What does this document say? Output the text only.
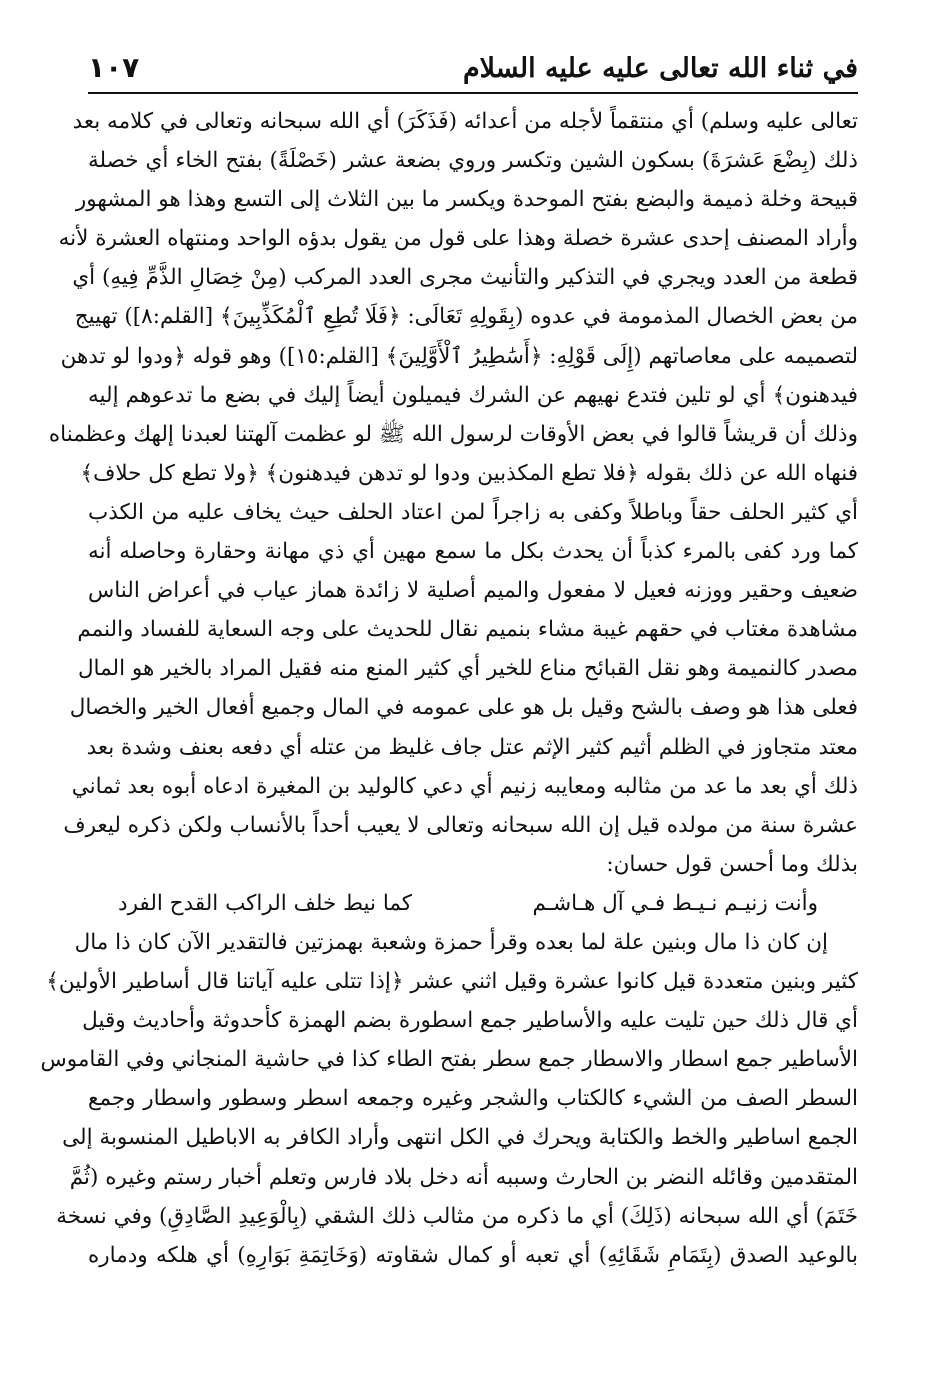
في ثناء الله تعالى عليه عليه السلام
١٠٧
تعالى عليه وسلم) أي منتقماً لأجله من أعدائه (فَذَكَرَ) أي الله سبحانه وتعالى في كلامه بعد
ذلك (بِضْعَ عَشرَةَ) بسكون الشين وتكسر وروي بضعة عشر (خَصْلَةً) بفتح الخاء أي خصلة
قبيحة وخلة ذميمة والبضع بفتح الموحدة ويكسر ما بين الثلاث إلى التسع وهذا هو المشهور
وأراد المصنف إحدى عشرة خصلة وهذا على قول من يقول بدؤه الواحد ومنتهاه العشرة لأنه
قطعة من العدد ويجري في التذكير والتأنيث مجرى العدد المركب (مِنْ خِصَالِ الذَّمِّ فِيهِ) أي
من بعض الخصال المذمومة في عدوه (بِقَولِهِ تَعَالَى: ﴿فَلَا تُطِعِ ٱلْمُكَذِّبِينَ﴾ [القلم:٨]) تهييج
لتصميمه على معاصاتهم (إِلَى قَوْلِهِ: ﴿أَسَٰطِيرُ ٱلْأَوَّلِينَ﴾ [القلم:١٥]) وهو قوله ﴿ودوا لو تدهن
فيدهنون﴾ أي لو تلين فتدع نهيهم عن الشرك فيميلون أيضاً إليك في بضع ما تدعوهم إليه
وذلك أن قريشاً قالوا في بعض الأوقات لرسول الله ﷺ لو عظمت آلهتنا لعبدنا إلهك وعظمناه
فنهاه الله عن ذلك بقوله ﴿فلا تطع المكذبين ودوا لو تدهن فيدهنون﴾ ﴿ولا تطع كل حلاف﴾
أي كثير الحلف حقاً وباطلاً وكفى به زاجراً لمن اعتاد الحلف حيث يخاف عليه من الكذب
كما ورد كفى بالمرء كذباً أن يحدث بكل ما سمع مهين أي ذي مهانة وحقارة وحاصله أنه
ضعيف وحقير ووزنه فعيل لا مفعول والميم أصلية لا زائدة هماز عياب في أعراض الناس
مشاهدة مغتاب في حقهم غيبة مشاء بنميم نقال للحديث على وجه السعاية للفساد والنمم
مصدر كالنميمة وهو نقل القبائح مناع للخير أي كثير المنع منه فقيل المراد بالخير هو المال
فعلى هذا هو وصف بالشح وقيل بل هو على عمومه في المال وجميع أفعال الخير والخصال
معتد متجاوز في الظلم أثيم كثير الإثم عتل جاف غليظ من عتله أي دفعه بعنف وشدة بعد
ذلك أي بعد ما عد من مثالبه ومعايبه زنيم أي دعي كالوليد بن المغيرة ادعاه أبوه بعد ثماني
عشرة سنة من مولده قيل إن الله سبحانه وتعالى لا يعيب أحداً بالأنساب ولكن ذكره ليعرف
بذلك وما أحسن قول حسان:
وأنت زنيـم نـيـط فـي آل هـاشـم
كما نيط خلف الراكب القدح الفرد
إن كان ذا مال وبنين علة لما بعده وقرأ حمزة وشعبة بهمزتين فالتقدير الآن كان ذا مال
كثير وبنين متعددة قيل كانوا عشرة وقيل اثني عشر ﴿إذا تتلى عليه آياتنا قال أساطير الأولين﴾
أي قال ذلك حين تليت عليه والأساطير جمع اسطورة بضم الهمزة كأحدوثة وأحاديث وقيل
الأساطير جمع اسطار والاسطار جمع سطر بفتح الطاء كذا في حاشية المنجاني وفي القاموس
السطر الصف من الشيء كالكتاب والشجر وغيره وجمعه اسطر وسطور واسطار وجمع
الجمع اساطير والخط والكتابة ويحرك في الكل انتهى وأراد الكافر به الاباطيل المنسوبة إلى
المتقدمين وقائله النضر بن الحارث وسببه أنه دخل بلاد فارس وتعلم أخبار رستم وغيره (ثُمَّ
خَتَمَ) أي الله سبحانه (ذَلِكَ) أي ما ذكره من مثالب ذلك الشقي (بِالْوَعِيدِ الصَّادِقِ) وفي نسخة
بالوعيد الصدق (بِتَمَامِ شَقَائِهِ) أي تعبه أو كمال شقاوته (وَخَاتِمَةِ بَوَارِهِ) أي هلكه ودماره
